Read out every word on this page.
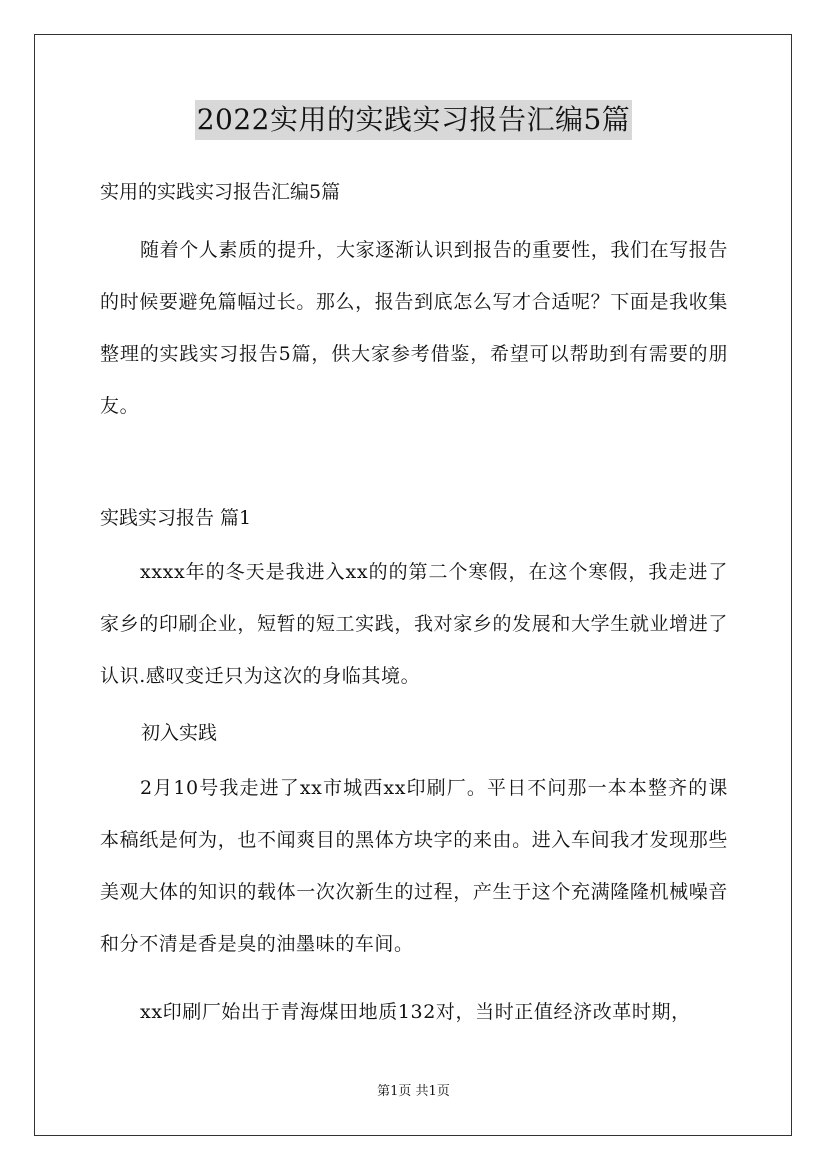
2022实用的实践实习报告汇编5篇
实用的实践实习报告汇编5篇

随着个人素质的提升，大家逐渐认识到报告的重要性，我们在写报告的时候要避免篇幅过长。那么，报告到底怎么写才合适呢？下面是我收集整理的实践实习报告5篇，供大家参考借鉴，希望可以帮助到有需要的朋友。

实践实习报告 篇1

xxxx年的冬天是我进入xx的的第二个寒假，在这个寒假，我走进了家乡的印刷企业，短暂的短工实践，我对家乡的发展和大学生就业增进了认识.感叹变迁只为这次的身临其境。

初入实践

2月10号我走进了xx市城西xx印刷厂。平日不问那一本本整齐的课本稿纸是何为，也不闻爽目的黑体方块字的来由。进入车间我才发现那些美观大体的知识的载体一次次新生的过程，产生于这个充满隆隆机械噪音和分不清是香是臭的油墨味的车间。

xx印刷厂始出于青海煤田地质132对，当时正值经济改革时期，

第1页 共1页
